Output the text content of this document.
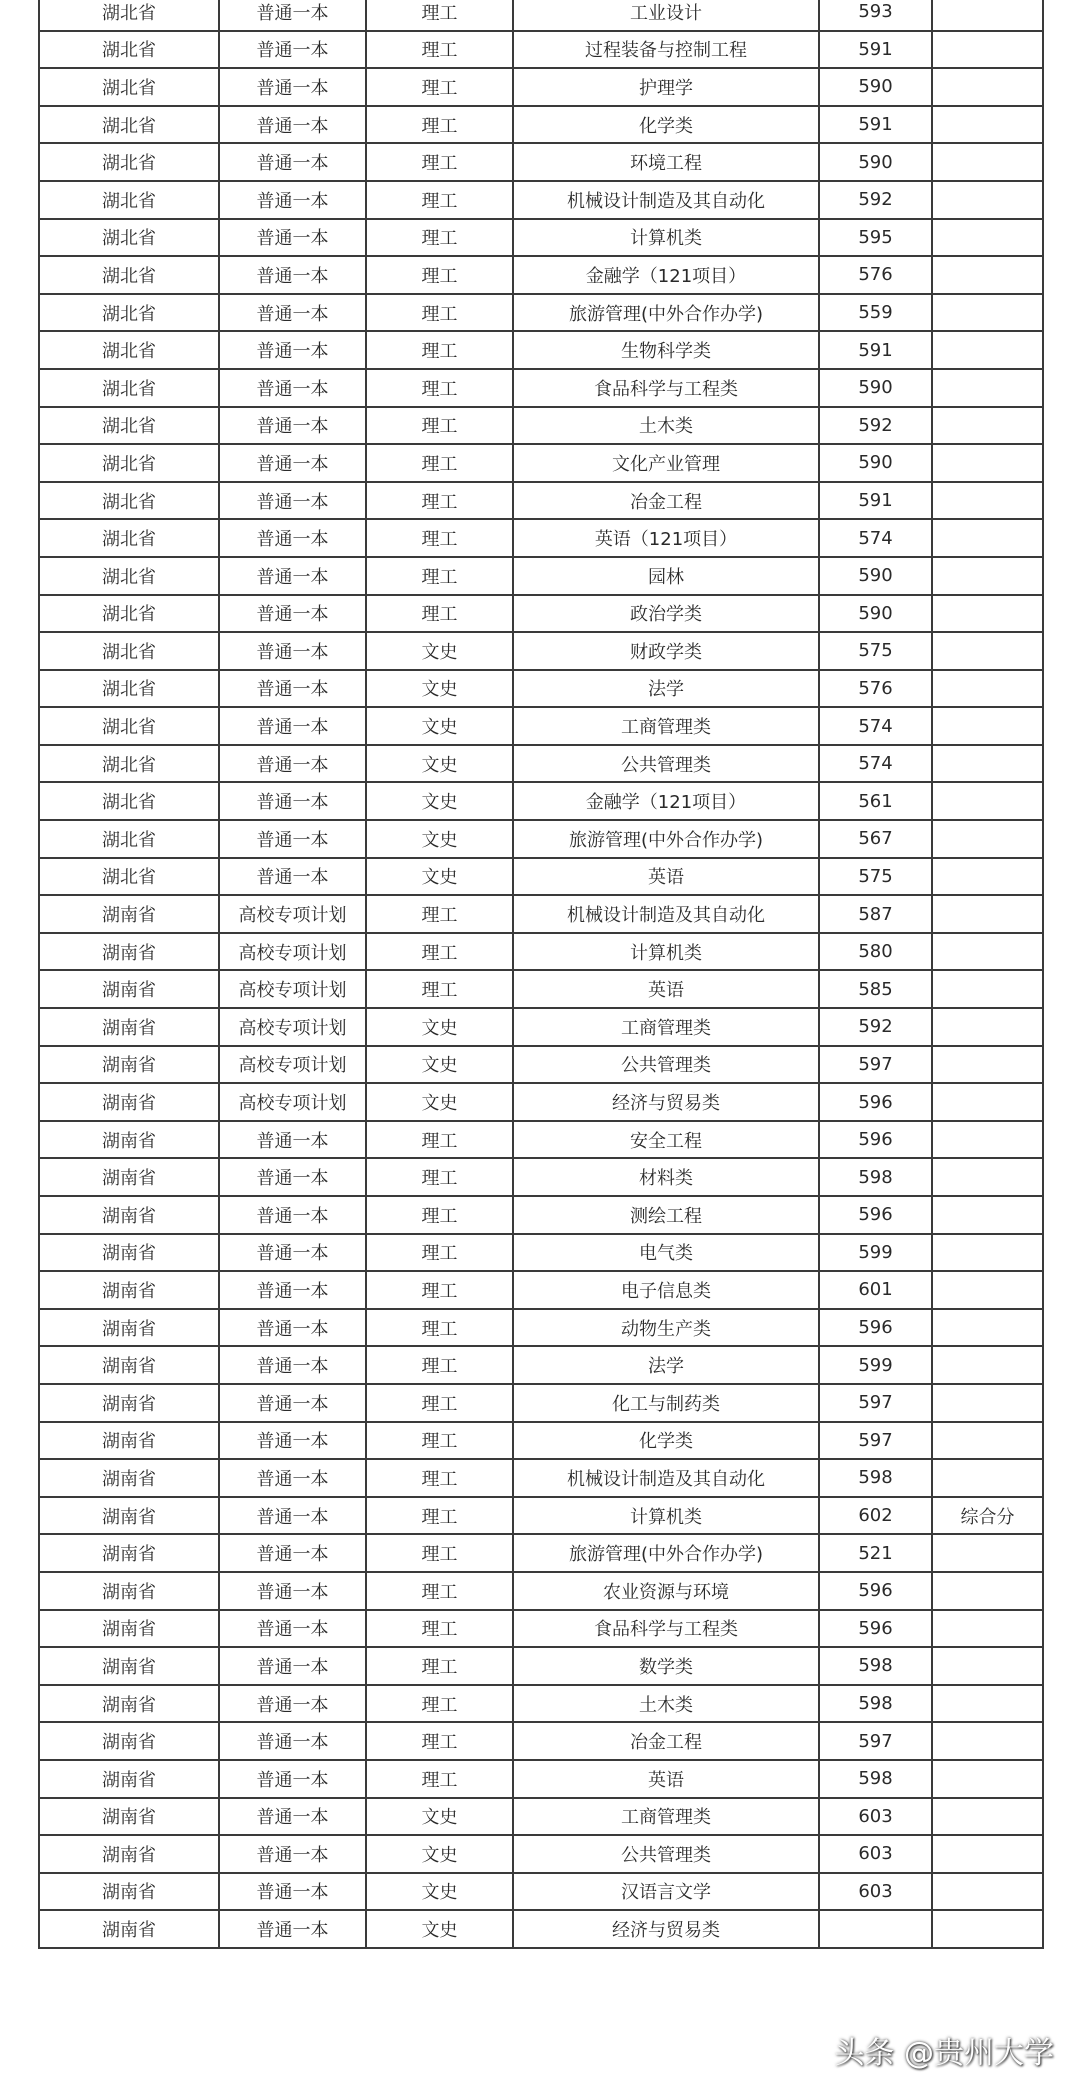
湖北省	普通一本	理工	工业设计	593	
湖北省	普通一本	理工	过程装备与控制工程	591	
湖北省	普通一本	理工	护理学	590	
湖北省	普通一本	理工	化学类	591	
湖北省	普通一本	理工	环境工程	590	
湖北省	普通一本	理工	机械设计制造及其自动化	592	
湖北省	普通一本	理工	计算机类	595	
湖北省	普通一本	理工	金融学（121项目）	576	
湖北省	普通一本	理工	旅游管理(中外合作办学)	559	
湖北省	普通一本	理工	生物科学类	591	
湖北省	普通一本	理工	食品科学与工程类	590	
湖北省	普通一本	理工	土木类	592	
湖北省	普通一本	理工	文化产业管理	590	
湖北省	普通一本	理工	冶金工程	591	
湖北省	普通一本	理工	英语（121项目）	574	
湖北省	普通一本	理工	园林	590	
湖北省	普通一本	理工	政治学类	590	
湖北省	普通一本	文史	财政学类	575	
湖北省	普通一本	文史	法学	576	
湖北省	普通一本	文史	工商管理类	574	
湖北省	普通一本	文史	公共管理类	574	
湖北省	普通一本	文史	金融学（121项目）	561	
湖北省	普通一本	文史	旅游管理(中外合作办学)	567	
湖北省	普通一本	文史	英语	575	
湖南省	高校专项计划	理工	机械设计制造及其自动化	587	
湖南省	高校专项计划	理工	计算机类	580	
湖南省	高校专项计划	理工	英语	585	
湖南省	高校专项计划	文史	工商管理类	592	
湖南省	高校专项计划	文史	公共管理类	597	
湖南省	高校专项计划	文史	经济与贸易类	596	
湖南省	普通一本	理工	安全工程	596	
湖南省	普通一本	理工	材料类	598	
湖南省	普通一本	理工	测绘工程	596	
湖南省	普通一本	理工	电气类	599	
湖南省	普通一本	理工	电子信息类	601	
湖南省	普通一本	理工	动物生产类	596	
湖南省	普通一本	理工	法学	599	
湖南省	普通一本	理工	化工与制药类	597	
湖南省	普通一本	理工	化学类	597	
湖南省	普通一本	理工	机械设计制造及其自动化	598	
湖南省	普通一本	理工	计算机类	602	综合分
湖南省	普通一本	理工	旅游管理(中外合作办学)	521	
湖南省	普通一本	理工	农业资源与环境	596	
湖南省	普通一本	理工	食品科学与工程类	596	
湖南省	普通一本	理工	数学类	598	
湖南省	普通一本	理工	土木类	598	
湖南省	普通一本	理工	冶金工程	597	
湖南省	普通一本	理工	英语	598	
湖南省	普通一本	文史	工商管理类	603	
湖南省	普通一本	文史	公共管理类	603	
湖南省	普通一本	文史	汉语言文学	603	
湖南省	普通一本	文史	经济与贸易类		
头条 @贵州大学
